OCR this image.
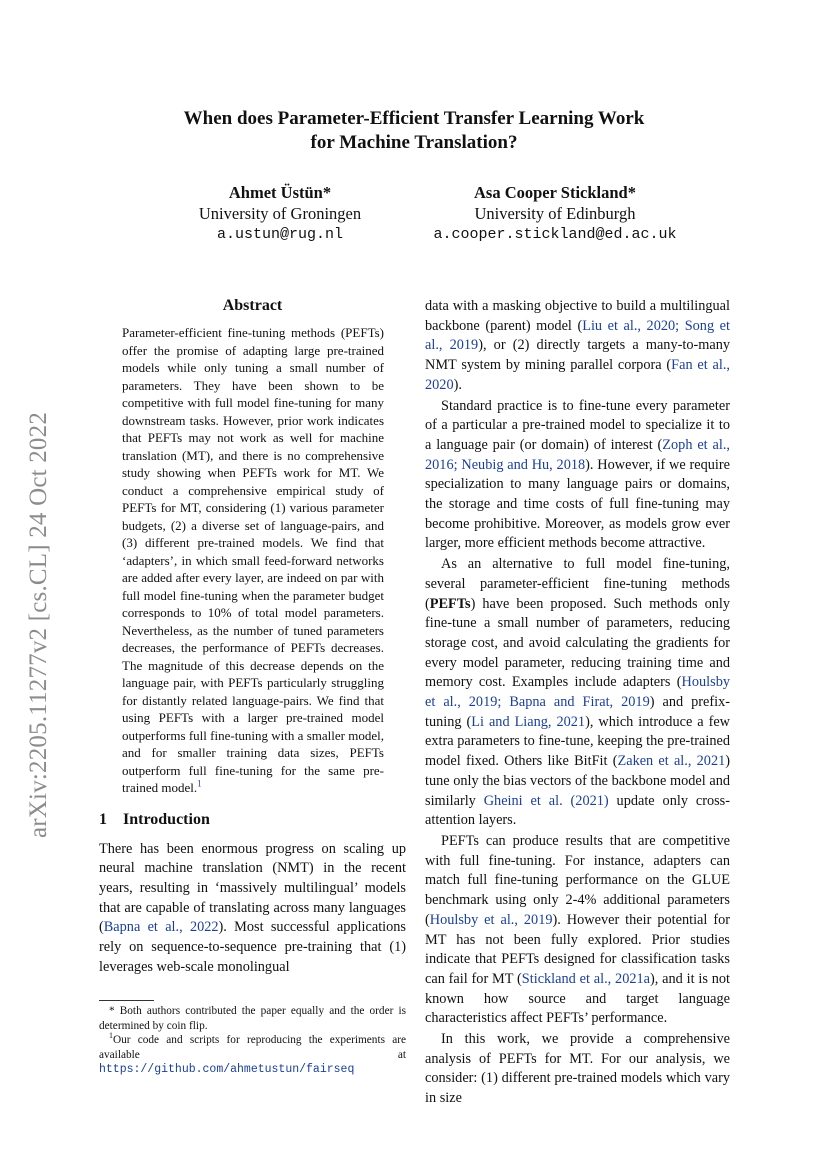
arXiv:2205.11277v2 [cs.CL] 24 Oct 2022
When does Parameter-Efficient Transfer Learning Work
for Machine Translation?
Ahmet Üstün*
University of Groningen
a.ustun@rug.nl
Asa Cooper Stickland*
University of Edinburgh
a.cooper.stickland@ed.ac.uk
Abstract
Parameter-efficient fine-tuning methods (PEFTs) offer the promise of adapting large pre-trained models while only tuning a small number of parameters. They have been shown to be competitive with full model fine-tuning for many downstream tasks. However, prior work indicates that PEFTs may not work as well for machine translation (MT), and there is no comprehensive study showing when PEFTs work for MT. We conduct a comprehensive empirical study of PEFTs for MT, considering (1) various parameter budgets, (2) a diverse set of language-pairs, and (3) different pre-trained models. We find that ‘adapters’, in which small feed-forward networks are added after every layer, are indeed on par with full model fine-tuning when the parameter budget corresponds to 10% of total model parameters. Nevertheless, as the number of tuned parameters decreases, the performance of PEFTs decreases. The magnitude of this decrease depends on the language pair, with PEFTs particularly struggling for distantly related language-pairs. We find that using PEFTs with a larger pre-trained model outperforms full fine-tuning with a smaller model, and for smaller training data sizes, PEFTs outperform full fine-tuning for the same pre-trained model.$^1$
1 Introduction

There has been enormous progress on scaling up neural machine translation (NMT) in the recent years, resulting in ‘massively multilingual’ models that are capable of translating across many languages (Bapna et al., 2022). Most successful applications rely on sequence-to-sequence pre-training that (1) leverages web-scale monolingual

data with a masking objective to build a multilingual backbone (parent) model (Liu et al., 2020; Song et al., 2019), or (2) directly targets a many-to-many NMT system by mining parallel corpora (Fan et al., 2020).

Standard practice is to fine-tune every parameter of a particular a pre-trained model to specialize it to a language pair (or domain) of interest (Zoph et al., 2016; Neubig and Hu, 2018). However, if we require specialization to many language pairs or domains, the storage and time costs of full fine-tuning may become prohibitive. Moreover, as models grow ever larger, more efficient methods become attractive.

As an alternative to full model fine-tuning, several parameter-efficient fine-tuning methods (PEFTs) have been proposed. Such methods only fine-tune a small number of parameters, reducing storage cost, and avoid calculating the gradients for every model parameter, reducing training time and memory cost. Examples include adapters (Houlsby et al., 2019; Bapna and Firat, 2019) and prefix-tuning (Li and Liang, 2021), which introduce a few extra parameters to fine-tune, keeping the pre-trained model fixed. Others like BitFit (Zaken et al., 2021) tune only the bias vectors of the backbone model and similarly Gheini et al. (2021) update only cross-attention layers.

PEFTs can produce results that are competitive with full fine-tuning. For instance, adapters can match full fine-tuning performance on the GLUE benchmark using only 2-4% additional parameters (Houlsby et al., 2019). However their potential for MT has not been fully explored. Prior studies indicate that PEFTs designed for classification tasks can fail for MT (Stickland et al., 2021a), and it is not known how source and target language characteristics affect PEFTs’ performance.

In this work, we provide a comprehensive analysis of PEFTs for MT. For our analysis, we consider: (1) different pre-trained models which vary in size

* Both authors contributed the paper equally and the order is determined by coin flip.

$^1$Our code and scripts for reproducing the experiments are available at https://github.com/ahmetustun/fairseq
